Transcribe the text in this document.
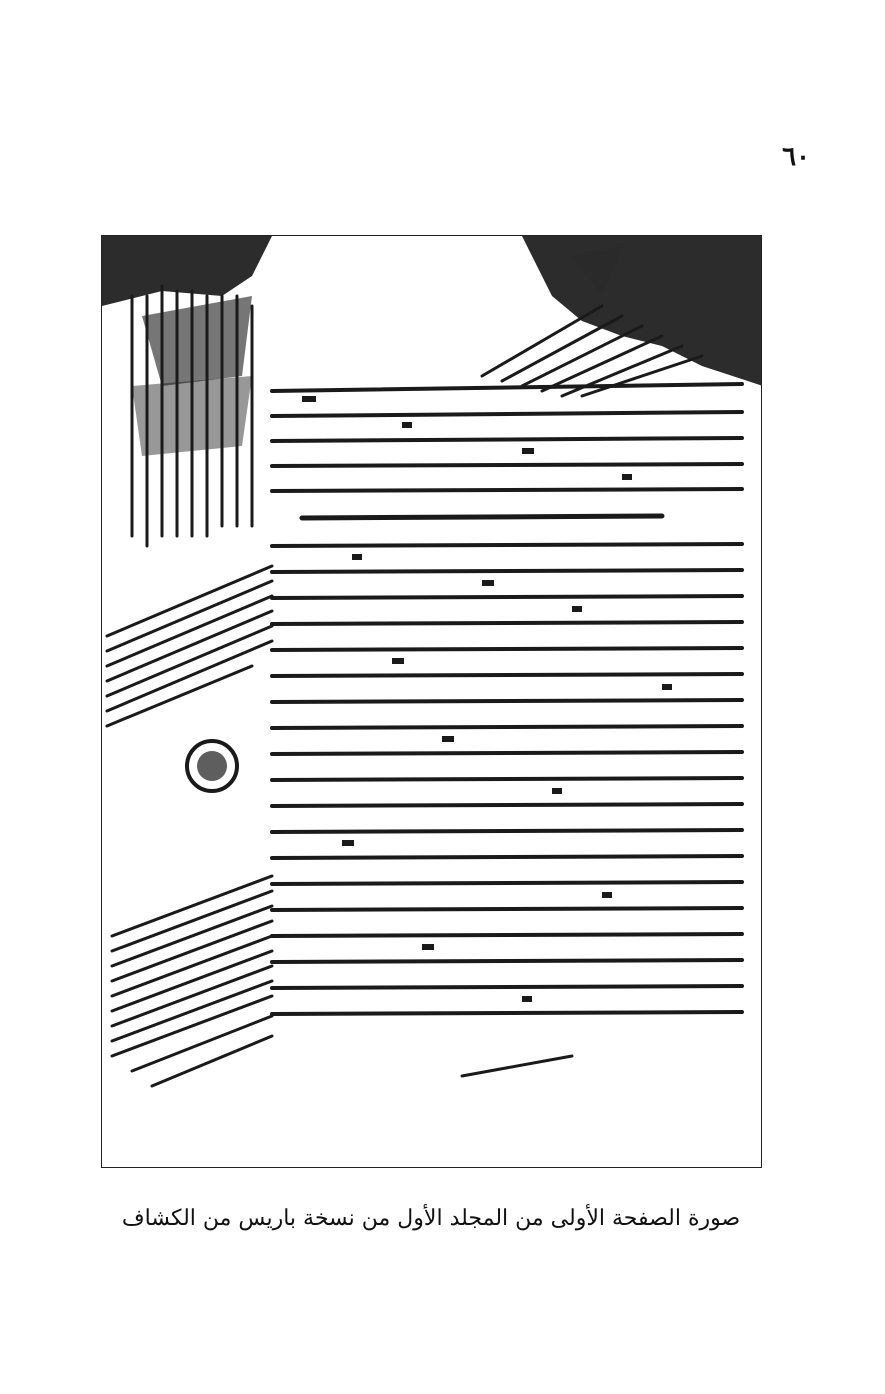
٦٠
صورة الصفحة الأولى من المجلد الأول من نسخة باريس من الكشاف
